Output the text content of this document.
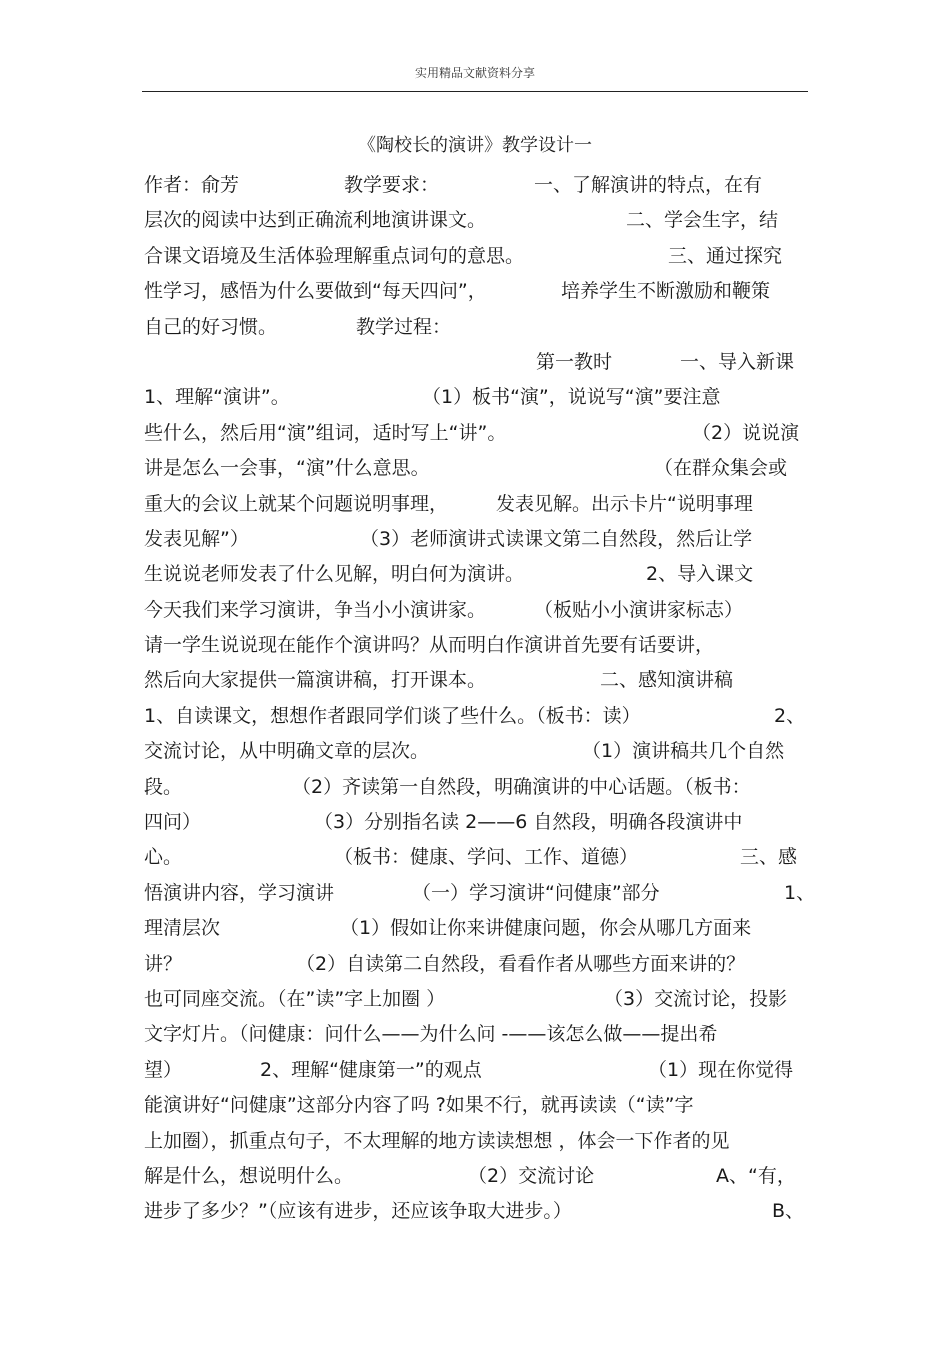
实用精品文献资料分享
《陶校长的演讲》教学设计一
作者：俞芳	教学要求：	一、了解演讲的特点，在有
层次的阅读中达到正确流利地演讲课文。	二、学会生字，结
合课文语境及生活体验理解重点词句的意思。	三、通过探究
性学习，感悟为什么要做到“每天四问”，	培养学生不断激励和鞭策
自己的好习惯。	教学过程：
第一教时	一、导入新课
1、理解“演讲”。	（1）板书“演”，说说写“演”要注意
些什么，然后用“演”组词，适时写上“讲”。	（2）说说演
讲是怎么一会事，“演”什么意思。	（在群众集会或
重大的会议上就某个问题说明事理，	发表见解。出示卡片“说明事理
发表见解”）	（3）老师演讲式读课文第二自然段，然后让学
生说说老师发表了什么见解，明白何为演讲。	2、导入课文
今天我们来学习演讲，争当小小演讲家。	（板贴小小演讲家标志）
请一学生说说现在能作个演讲吗？从而明白作演讲首先要有话要讲，
然后向大家提供一篇演讲稿，打开课本。	二、感知演讲稿
1、自读课文，想想作者跟同学们谈了些什么。（板书：读）	2、
交流讨论，从中明确文章的层次。	（1）演讲稿共几个自然
段。	（2）齐读第一自然段，明确演讲的中心话题。（板书：
四问）	（3）分别指名读 2——6 自然段，明确各段演讲中
心。	（板书：健康、学问、工作、道德）	三、感
悟演讲内容，学习演讲	（一）学习演讲“问健康”部分	1、
理清层次	（1）假如让你来讲健康问题，你会从哪几方面来
讲？	（2）自读第二自然段，看看作者从哪些方面来讲的？
也可同座交流。（在”读”字上加圈 ）	（3）交流讨论，投影
文字灯片。（问健康：问什么——为什么问 -——该怎么做——提出希
望）	2、理解“健康第一”的观点	（1）现在你觉得
能演讲好“问健康”这部分内容了吗 ?如果不行，就再读读（“读”字
上加圈），抓重点句子，不太理解的地方读读想想 ，体会一下作者的见
解是什么，想说明什么。	（2）交流讨论	A、“有，
进步了多少？”（应该有进步，还应该争取大进步。）	B、
